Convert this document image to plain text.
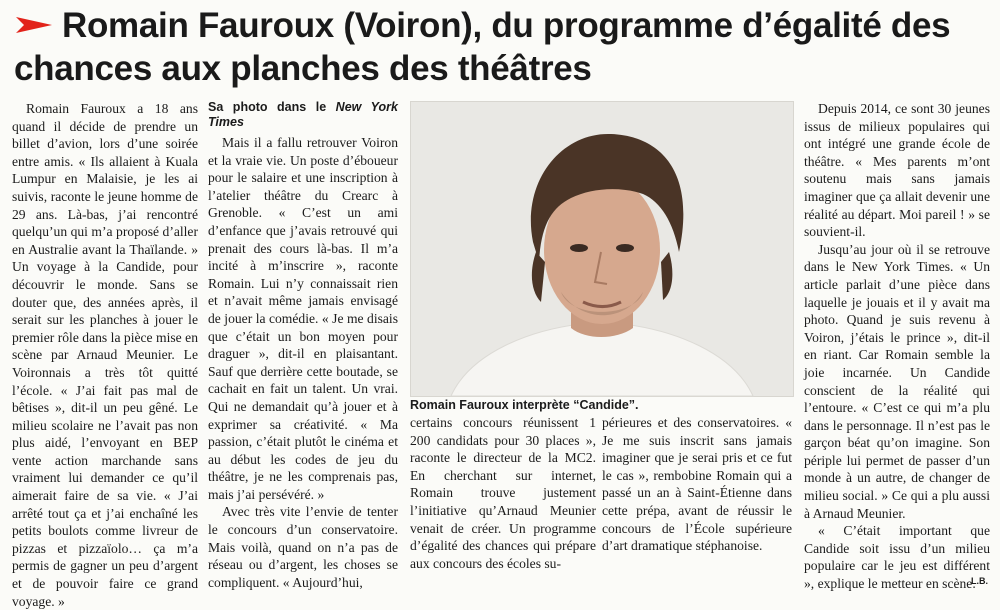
Romain Fauroux (Voiron), du programme d’égalité des chances aux planches des théâtres

Romain Fauroux a 18 ans quand il décide de prendre un billet d’avion, lors d’une soirée entre amis. « Ils allaient à Kuala Lumpur en Malaisie, je les ai suivis, raconte le jeune homme de 29 ans. Là-bas, j’ai rencontré quelqu’un qui m’a proposé d’aller en Australie avant la Thaïlande. » Un voyage à la Candide, pour découvrir le monde. Sans se douter que, des années après, il serait sur les planches à jouer le premier rôle dans la pièce mise en scène par Arnaud Meunier. Le Voironnais a très tôt quitté l’école. « J’ai fait pas mal de bêtises », dit-il un peu gêné. Le milieu scolaire ne l’avait pas non plus aidé, l’envoyant en BEP vente action marchande sans vraiment lui demander ce qu’il aimerait faire de sa vie. « J’ai arrêté tout ça et j’ai enchaîné les petits boulots comme livreur de pizzas et pizzaïolo… ça m’a permis de gagner un peu d’argent et de pouvoir faire ce grand voyage. »

Sa photo dans le New York Times

Mais il a fallu retrouver Voiron et la vraie vie. Un poste d’éboueur pour le salaire et une inscription à l’atelier théâtre du Crearc à Grenoble. « C’est un ami d’enfance que j’avais retrouvé qui prenait des cours là-bas. Il m’a incité à m’inscrire », raconte Romain. Lui n’y connaissait rien et n’avait même jamais envisagé de jouer la comédie. « Je me disais que c’était un bon moyen pour draguer », dit-il en plaisantant. Sauf que derrière cette boutade, se cachait en fait un talent. Un vrai. Qui ne demandait qu’à jouer et à exprimer sa créativité. « Ma passion, c’était plutôt le cinéma et au début les codes de jeu du théâtre, je ne les comprenais pas, mais j’ai persévéré. »

Avec très vite l’envie de tenter le concours d’un conservatoire. Mais voilà, quand on n’a pas de réseau ou d’argent, les choses se compliquent. « Aujourd’hui,

Romain Fauroux interprète “Candide”.

certains concours réunissent 1 200 candidats pour 30 places », raconte le directeur de la MC2. En cherchant sur internet, Romain trouve justement l’initiative qu’Arnaud Meunier venait de créer. Un programme d’égalité des chances qui prépare aux concours des écoles su-

périeures et des conservatoires. « Je me suis inscrit sans jamais imaginer que je serai pris et ce fut le cas », rembobine Romain qui a passé un an à Saint-Étienne dans cette prépa, avant de réussir le concours de l’École supérieure d’art dramatique stéphanoise.

Depuis 2014, ce sont 30 jeunes issus de milieux populaires qui ont intégré une grande école de théâtre. « Mes parents m’ont soutenu mais sans jamais imaginer que ça allait devenir une réalité au départ. Moi pareil ! » se souvient-il.

Jusqu’au jour où il se retrouve dans le New York Times. « Un article parlait d’une pièce dans laquelle je jouais et il y avait ma photo. Quand je suis revenu à Voiron, j’étais le prince », dit-il en riant. Car Romain semble la joie incarnée. Un Candide conscient de la réalité qui l’entoure. « C’est ce qui m’a plu dans le personnage. Il n’est pas le garçon béat qu’on imagine. Son périple lui permet de passer d’un monde à un autre, de changer de milieu social. » Ce qui a plu aussi à Arnaud Meunier.

« C’était important que Candide soit issu d’un milieu populaire car le jeu est différent », explique le metteur en scène.

L.B.
